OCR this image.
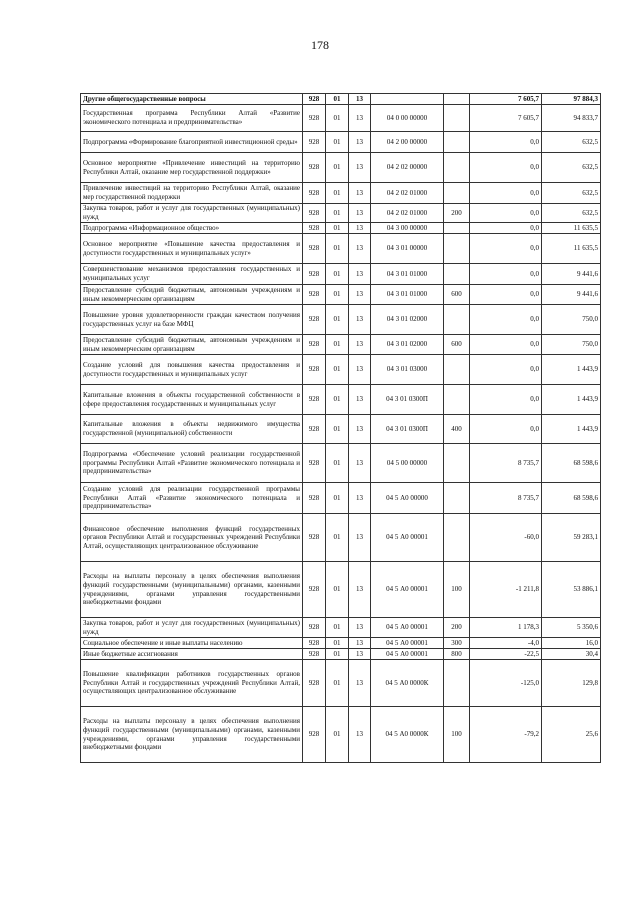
178
Другие общегосударственные вопросы	928	01	13			7 605,7	97 884,3
Государственная программа Республики Алтай «Развитие экономического потенциала и предпринимательства»	928	01	13	04 0 00 00000		7 605,7	94 833,7
Подпрограмма «Формирование благоприятной инвестиционной среды»	928	01	13	04 2 00 00000		0,0	632,5
Основное мероприятие «Привлечение инвестиций на территорию Республики Алтай, оказание мер государственной поддержки»	928	01	13	04 2 02 00000		0,0	632,5
Привлечение инвестиций на территорию Республики Алтай, оказание мер государственной поддержки	928	01	13	04 2 02 01000		0,0	632,5
Закупка товаров, работ и услуг для государственных (муниципальных) нужд	928	01	13	04 2 02 01000	200	0,0	632,5
Подпрограмма «Информационное общество»	928	01	13	04 3 00 00000		0,0	11 635,5
Основное мероприятие «Повышение качества предоставления и доступности государственных и муниципальных услуг»	928	01	13	04 3 01 00000		0,0	11 635,5
Совершенствование механизмов предоставления государственных и муниципальных услуг	928	01	13	04 3 01 01000		0,0	9 441,6
Предоставление субсидий бюджетным, автономным учреждениям и иным некоммерческим организациям	928	01	13	04 3 01 01000	600	0,0	9 441,6
Повышение уровня удовлетворенности граждан качеством получения государственных услуг на базе МФЦ	928	01	13	04 3 01 02000		0,0	750,0
Предоставление субсидий бюджетным, автономным учреждениям и иным некоммерческим организациям	928	01	13	04 3 01 02000	600	0,0	750,0
Создание условий для повышения качества предоставления и доступности государственных и муниципальных услуг	928	01	13	04 3 01 03000		0,0	1 443,9
Капитальные вложения в объекты государственной собственности в сфере предоставления государственных и муниципальных услуг	928	01	13	04 3 01 0300П		0,0	1 443,9
Капитальные вложения в объекты недвижимого имущества государственной (муниципальной) собственности	928	01	13	04 3 01 0300П	400	0,0	1 443,9
Подпрограмма «Обеспечение условий реализации государственной программы Республики Алтай «Развитие экономического потенциала и предпринимательства»	928	01	13	04 5 00 00000		8 735,7	68 598,6
Создание условий для реализации государственной программы Республики Алтай «Развитие экономического потенциала и предпринимательства»	928	01	13	04 5 А0 00000		8 735,7	68 598,6
Финансовое обеспечение выполнения функций государственных органов Республики Алтай и государственных учреждений Республики Алтай, осуществляющих централизованное обслуживание	928	01	13	04 5 А0 00001		-60,0	59 283,1
Расходы на выплаты персоналу в целях обеспечения выполнения функций государственными (муниципальными) органами, казенными учреждениями, органами управления государственными внебюджетными фондами	928	01	13	04 5 А0 00001	100	-1 211,8	53 886,1
Закупка товаров, работ и услуг для государственных (муниципальных) нужд	928	01	13	04 5 А0 00001	200	1 178,3	5 350,6
Социальное обеспечение и иные выплаты населению	928	01	13	04 5 А0 00001	300	-4,0	16,0
Иные бюджетные ассигнования	928	01	13	04 5 А0 00001	800	-22,5	30,4
Повышение квалификации работников государственных органов Республики Алтай и государственных учреждений Республики Алтай, осуществляющих централизованное обслуживание	928	01	13	04 5 А0 0000К		-125,0	129,8
Расходы на выплаты персоналу в целях обеспечения выполнения функций государственными (муниципальными) органами, казенными учреждениями, органами управления государственными внебюджетными фондами	928	01	13	04 5 А0 0000К	100	-79,2	25,6
